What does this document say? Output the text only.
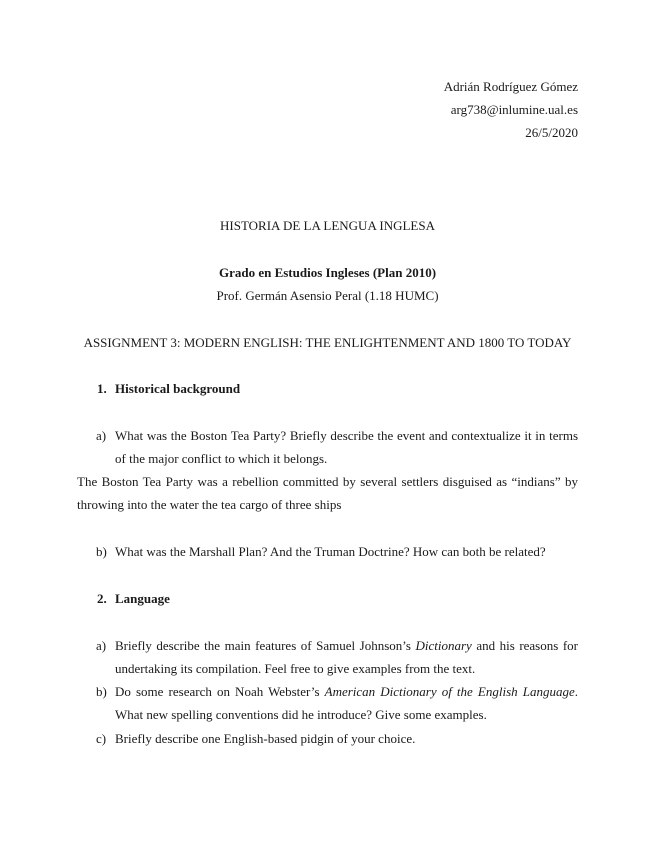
Adrián Rodríguez Gómez
arg738@inlumine.ual.es
26/5/2020
HISTORIA DE LA LENGUA INGLESA
Grado en Estudios Ingleses (Plan 2010)
Prof. Germán Asensio Peral (1.18 HUMC)
ASSIGNMENT 3: MODERN ENGLISH: THE ENLIGHTENMENT AND 1800 TO TODAY
1. Historical background
a) What was the Boston Tea Party? Briefly describe the event and contextualize it in terms
of the major conflict to which it belongs.
The Boston Tea Party was a rebellion committed by several settlers disguised as “indians” by
throwing into the water the tea cargo of three ships
b) What was the Marshall Plan? And the Truman Doctrine? How can both be related?
2. Language
a) Briefly describe the main features of Samuel Johnson’s Dictionary and his reasons for
undertaking its compilation. Feel free to give examples from the text.
b) Do some research on Noah Webster’s American Dictionary of the English Language.
What new spelling conventions did he introduce? Give some examples.
c) Briefly describe one English-based pidgin of your choice.
